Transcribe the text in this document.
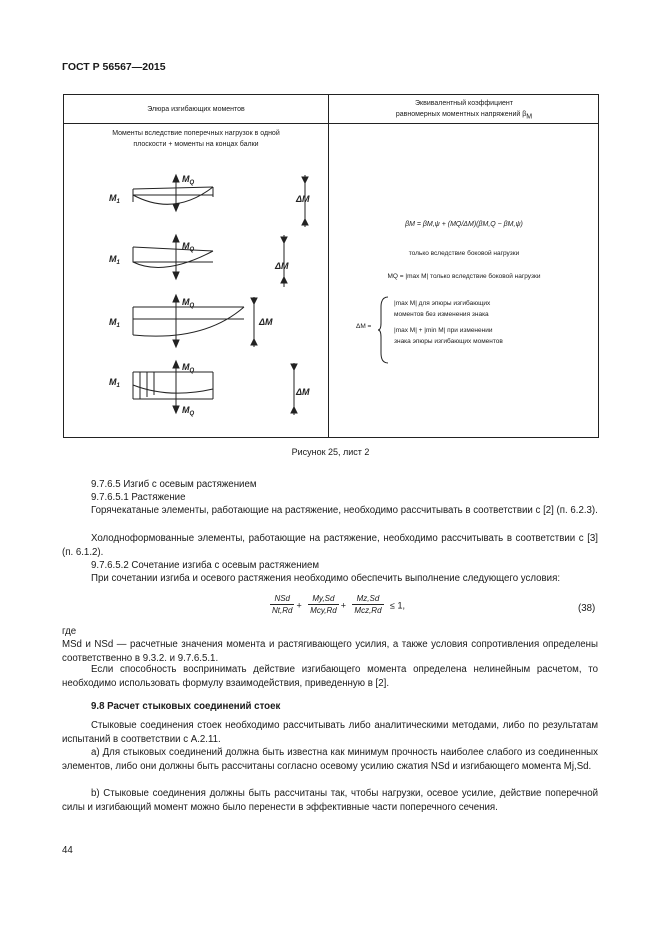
ГОСТ Р 56567—2015
Элюра изгибающих моментов
Эквивалентный коэффициент
равномерных моментных напряжений $\beta_M$
Моменты вследствие поперечных нагрузок в одной
плоскости + моменты на концах балки
$M_Q$
$M_1$	ΔM
$M_Q$
$M_1$	ΔM
$M_Q$
$M_1$	ΔM
$M_Q$
$M_1$
$M_Q$
ΔM
βM = βM,ψ + (MQ/ΔM)(βM,Q − βM,ψ)
только вследствие боковой нагрузки
MQ = |max M| только вследствие боковой нагрузки
ΔM =
|max M| для эпюры изгибающих
моментов без изменения знака
|max M| + |min M| при изменении
знака эпюры изгибающих моментов
Рисунок 25, лист 2
9.7.6.5 Изгиб с осевым растяжением
9.7.6.5.1 Растяжение
Горячекатаные элементы, работающие на растяжение, необходимо рассчитывать в соответствии с [2] (п. 6.2.3).
Холодноформованные элементы, работающие на растяжение, необходимо рассчитывать в соответствии с [3] (п. 6.1.2).
9.7.6.5.2 Сочетание изгиба с осевым растяжением
При сочетании изгиба и осевого растяжения необходимо обеспечить выполнение следующего условия:
$\frac{\text{NSd}}{Nt,Rd} + \frac{My,Sd}{\text{Mcy,Rd}} + \frac{Mz,Sd}{\text{Mcz,Rd}} \le 1$,	(38)
где
MSd и NSd — расчетные значения момента и растягивающего усилия, а также условия сопротивления определены соответственно в 9.3.2. и 9.7.6.5.1.
Если способность воспринимать действие изгибающего момента определена нелинейным расчетом, то необходимо использовать формулу взаимодействия, приведенную в [2].
9.8 Расчет стыковых соединений стоек
Стыковые соединения стоек необходимо рассчитывать либо аналитическими методами, либо по результатам испытаний в соответствии с А.2.11.
а) Для стыковых соединений должна быть известна как минимум прочность наиболее слабого из соединенных элементов, либо они должны быть рассчитаны согласно осевому усилию сжатия NSd и изгибающего момента Mj,Sd.
b) Стыковые соединения должны быть рассчитаны так, чтобы нагрузки, осевое усилие, действие поперечной силы и изгибающий момент можно было перенести в эффективные части поперечного сечения.
44
